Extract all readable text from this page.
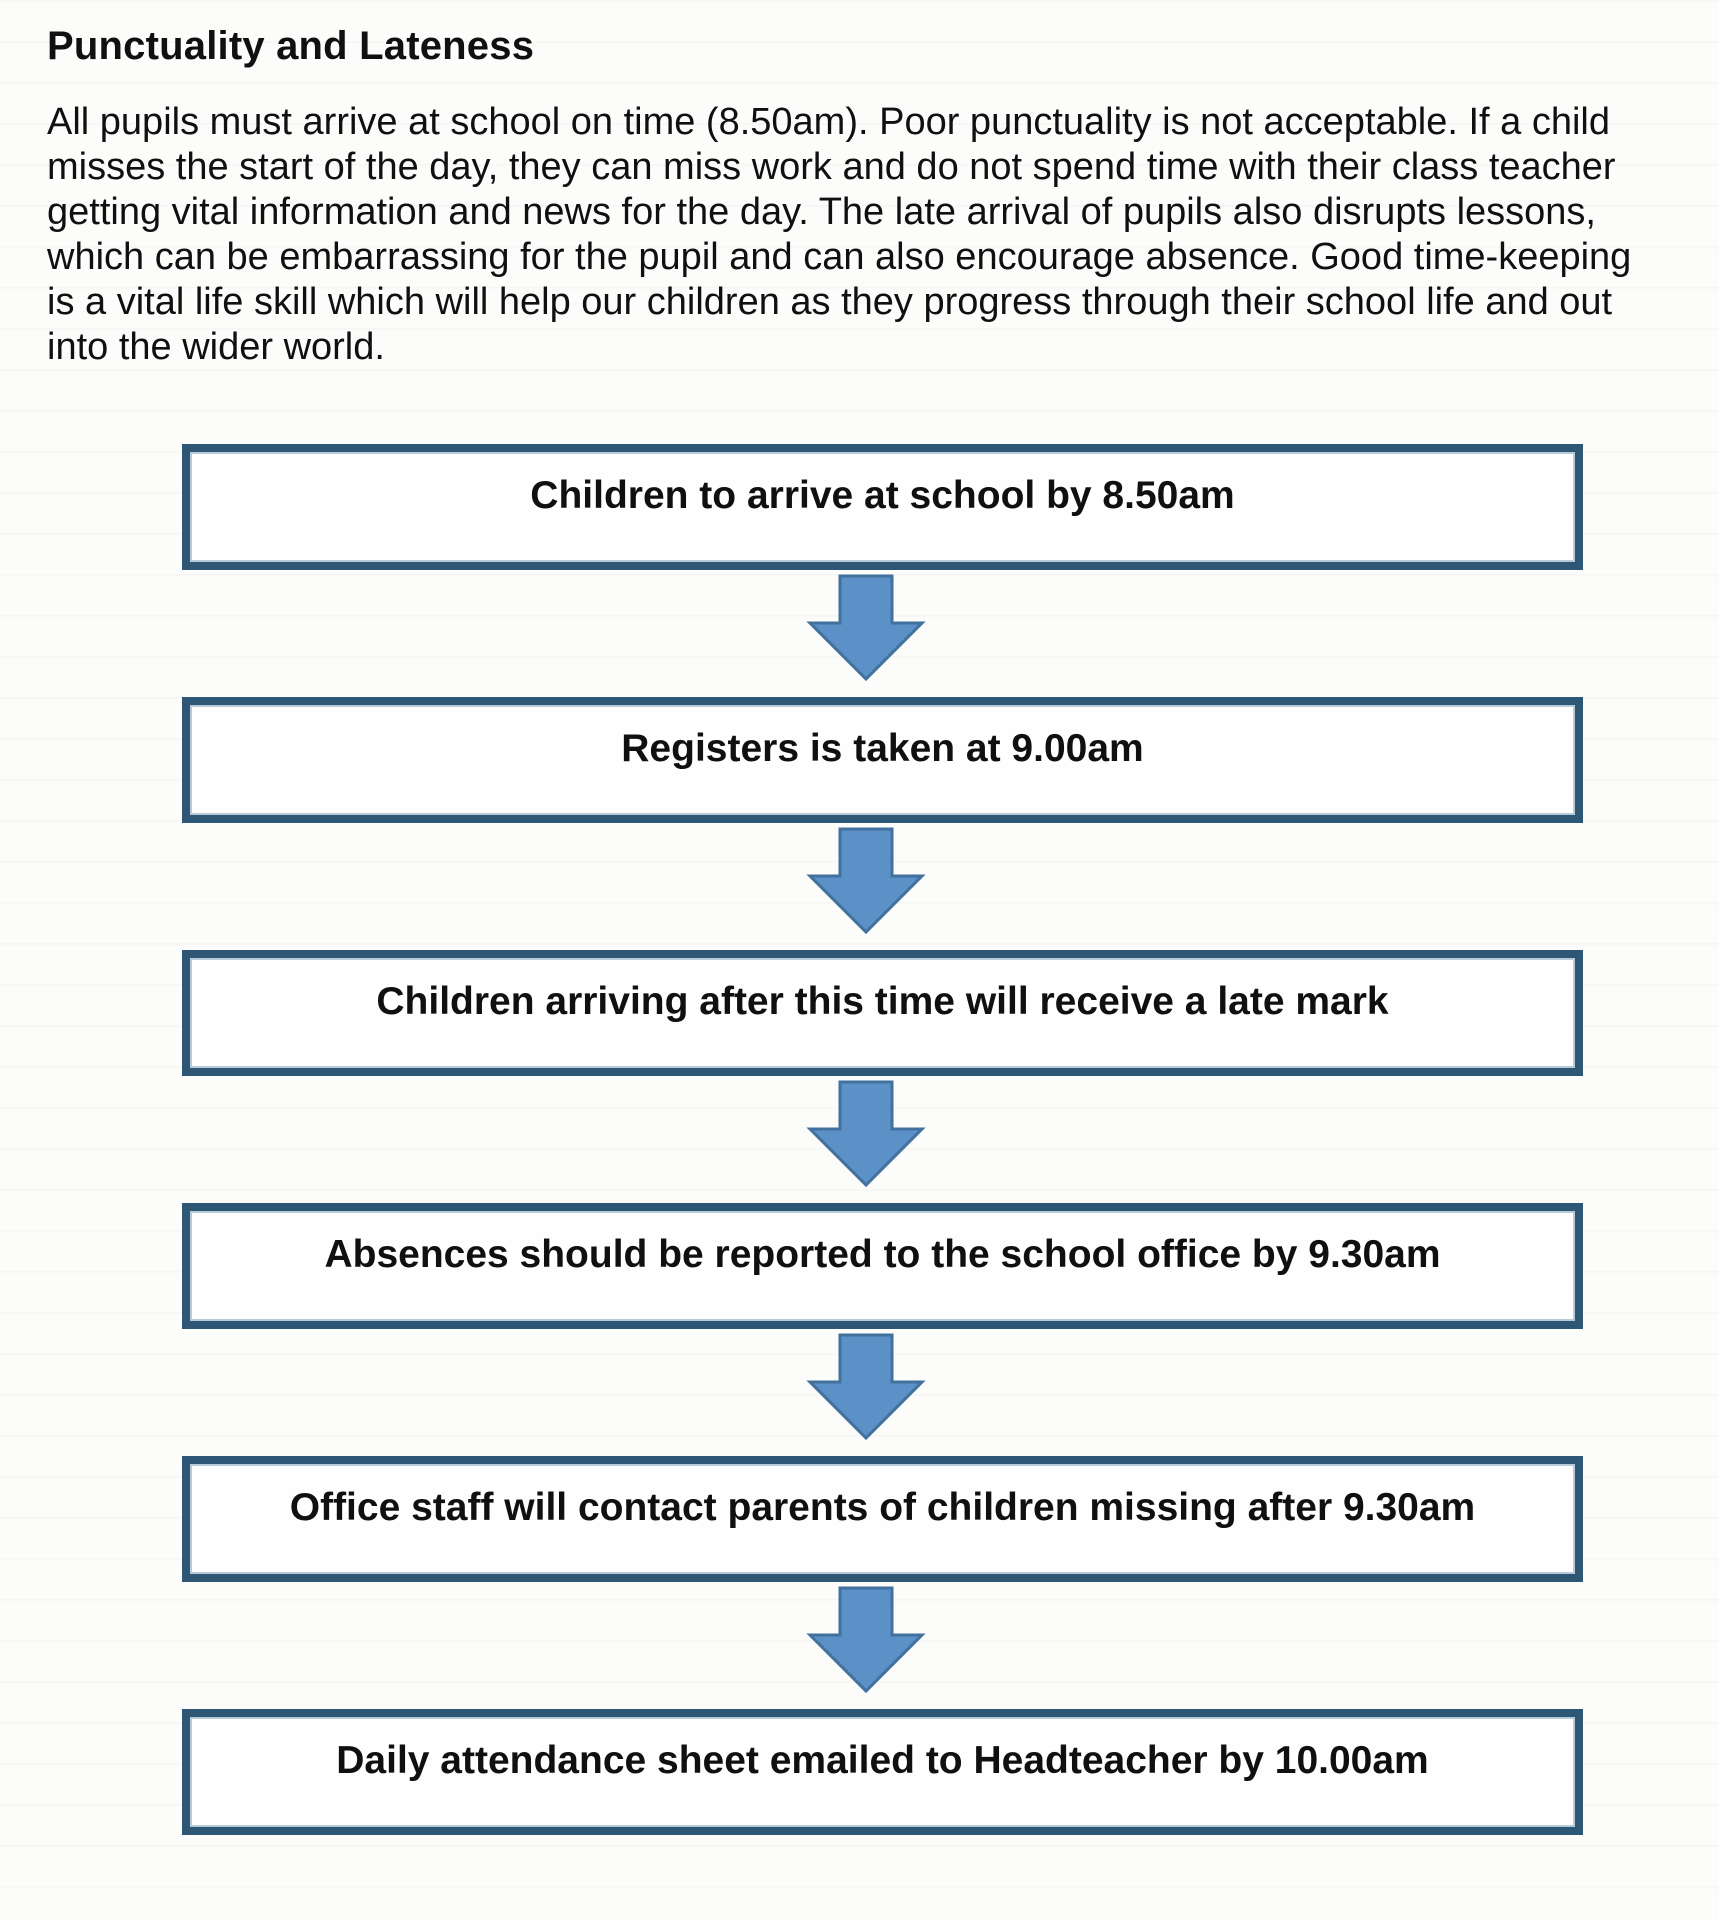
Punctuality and Lateness

All pupils must arrive at school on time (8.50am). Poor punctuality is not acceptable. If a child misses the start of the day, they can miss work and do not spend time with their class teacher getting vital information and news for the day. The late arrival of pupils also disrupts lessons, which can be embarrassing for the pupil and can also encourage absence. Good time-keeping is a vital life skill which will help our children as they progress through their school life and out into the wider world.

Children to arrive at school by 8.50am
Registers is taken at 9.00am
Children arriving after this time will receive a late mark
Absences should be reported to the school office by 9.30am
Office staff will contact parents of children missing after 9.30am
Daily attendance sheet emailed to Headteacher by 10.00am
